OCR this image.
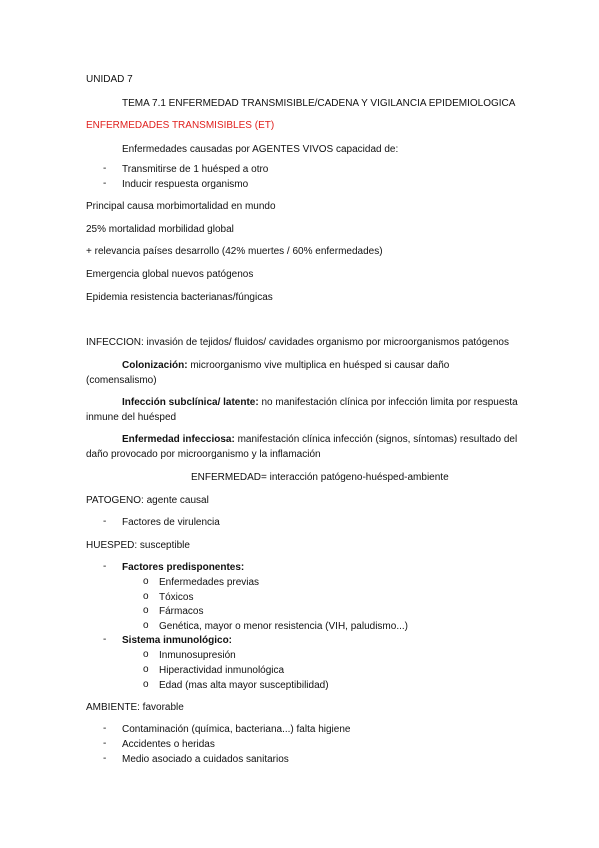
UNIDAD 7
TEMA 7.1 ENFERMEDAD TRANSMISIBLE/CADENA Y VIGILANCIA EPIDEMIOLOGICA
ENFERMEDADES TRANSMISIBLES (ET)
Enfermedades causadas por AGENTES VIVOS capacidad de:
-	Transmitirse de 1 huésped a otro
-	Inducir respuesta organismo
Principal causa morbimortalidad en mundo
25% mortalidad morbilidad global
+ relevancia países desarrollo (42% muertes / 60% enfermedades)
Emergencia global nuevos patógenos
Epidemia resistencia bacterianas/fúngicas
INFECCION: invasión de tejidos/ fluidos/ cavidades organismo por microorganismos patógenos
Colonización: microorganismo vive multiplica en huésped si causar daño (comensalismo)
Infección subclínica/ latente: no manifestación clínica por infección limita por respuesta inmune del huésped
Enfermedad infecciosa: manifestación clínica infección (signos, síntomas) resultado del daño provocado por microorganismo y la inflamación
ENFERMEDAD= interacción patógeno-huésped-ambiente
PATOGENO: agente causal
-	Factores de virulencia
HUESPED: susceptible
-	Factores predisponentes:
o Enfermedades previas
o Tóxicos
o Fármacos
o Genética, mayor o menor resistencia (VIH, paludismo...)
-	Sistema inmunológico:
o Inmunosupresión
o Hiperactividad inmunológica
o Edad (mas alta mayor susceptibilidad)
AMBIENTE: favorable
-	Contaminación (química, bacteriana...) falta higiene
-	Accidentes o heridas
-	Medio asociado a cuidados sanitarios
